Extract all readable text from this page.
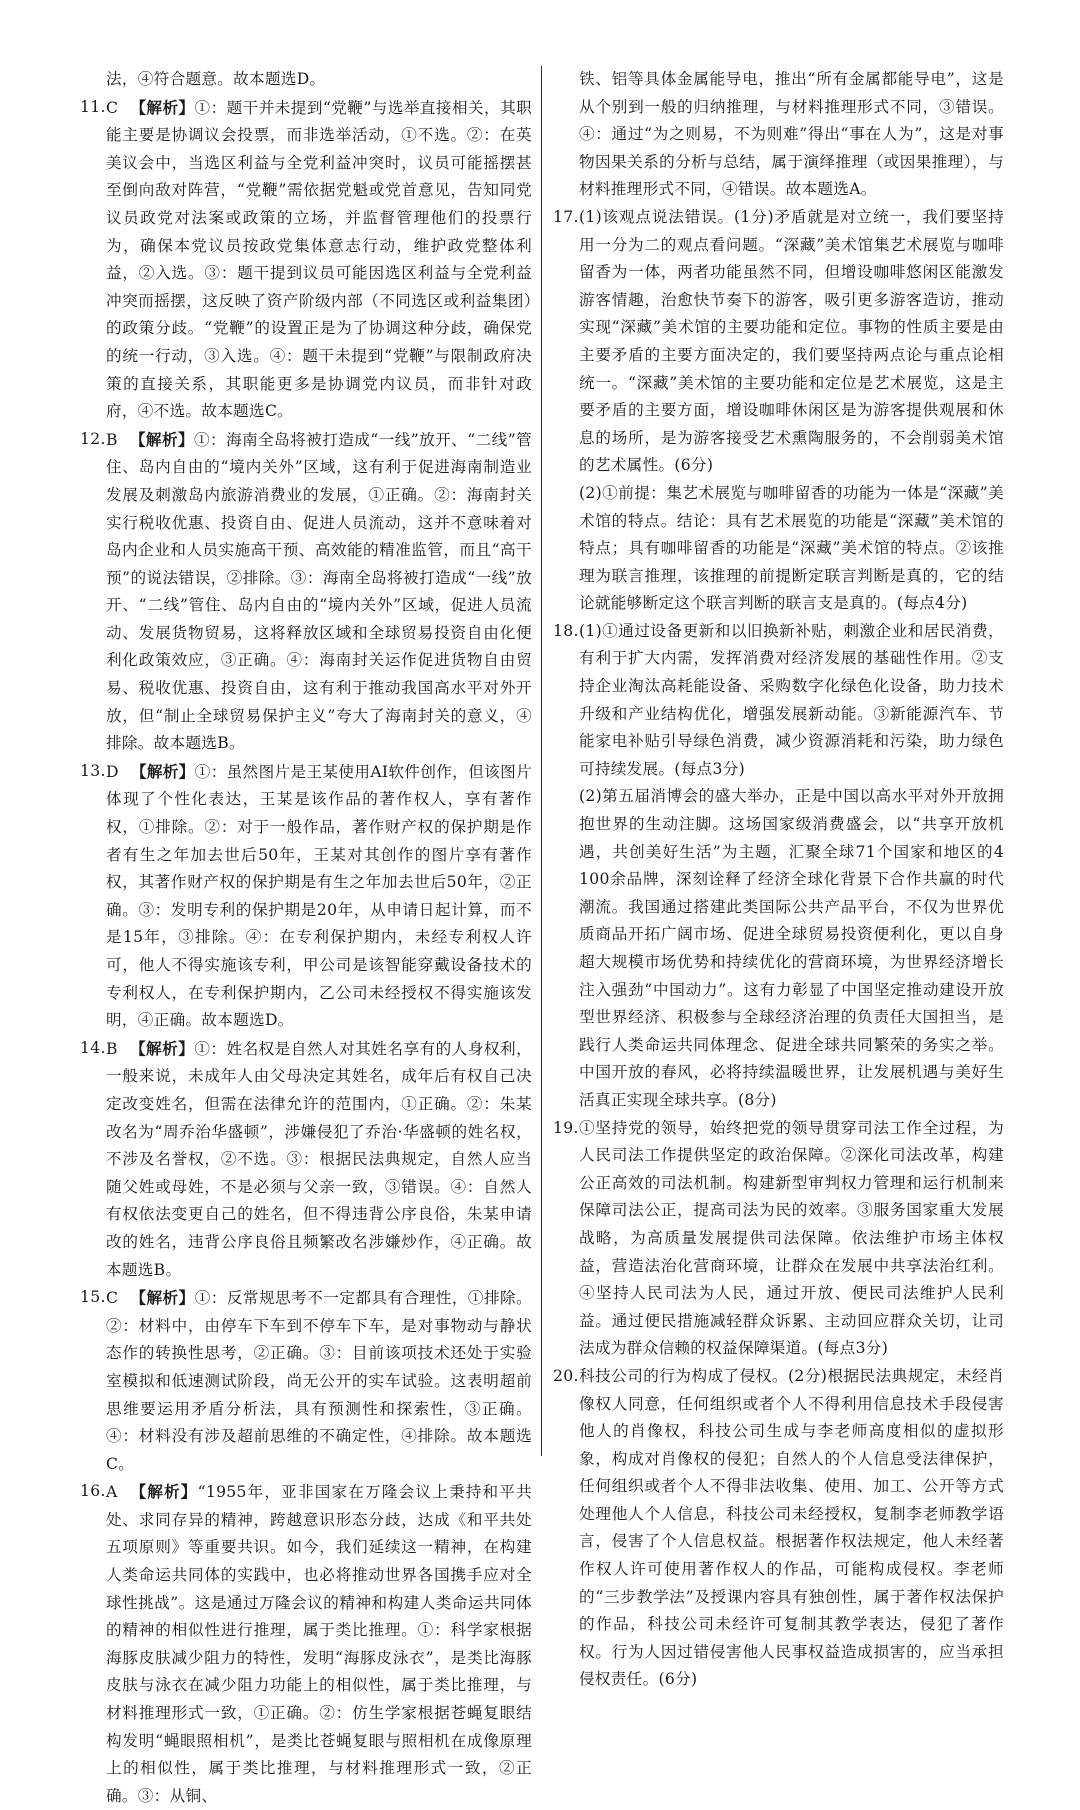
法，④符合题意。故本题选D。

11. C 【解析】①：题干并未提到“党鞭”与选举直接相关，其职能主要是协调议会投票，而非选举活动，①不选。②：在英美议会中，当选区利益与全党利益冲突时，议员可能摇摆甚至倒向敌对阵营，“党鞭”需依据党魁或党首意见，告知同党议员政党对法案或政策的立场，并监督管理他们的投票行为，确保本党议员按政党集体意志行动，维护政党整体利益，②入选。③：题干提到议员可能因选区利益与全党利益冲突而摇摆，这反映了资产阶级内部（不同选区或利益集团）的政策分歧。“党鞭”的设置正是为了协调这种分歧，确保党的统一行动，③入选。④：题干未提到“党鞭”与限制政府决策的直接关系，其职能更多是协调党内议员，而非针对政府，④不选。故本题选C。
12. B 【解析】①：海南全岛将被打造成“一线”放开、“二线”管住、岛内自由的“境内关外”区域，这有利于促进海南制造业发展及刺激岛内旅游消费业的发展，①正确。②：海南封关实行税收优惠、投资自由、促进人员流动，这并不意味着对岛内企业和人员实施高干预、高效能的精准监管，而且“高干预”的说法错误，②排除。③：海南全岛将被打造成“一线”放开、“二线”管住、岛内自由的“境内关外”区域，促进人员流动、发展货物贸易，这将释放区域和全球贸易投资自由化便利化政策效应，③正确。④：海南封关运作促进货物自由贸易、税收优惠、投资自由，这有利于推动我国高水平对外开放，但“制止全球贸易保护主义”夸大了海南封关的意义，④排除。故本题选B。
13. D 【解析】①：虽然图片是王某使用AI软件创作，但该图片体现了个性化表达，王某是该作品的著作权人，享有著作权，①排除。②：对于一般作品，著作财产权的保护期是作者有生之年加去世后50年，王某对其创作的图片享有著作权，其著作财产权的保护期是有生之年加去世后50年，②正确。③：发明专利的保护期是20年，从申请日起计算，而不是15年，③排除。④：在专利保护期内，未经专利权人许可，他人不得实施该专利，甲公司是该智能穿戴设备技术的专利权人，在专利保护期内，乙公司未经授权不得实施该发明，④正确。故本题选D。
14. B 【解析】①：姓名权是自然人对其姓名享有的人身权利，一般来说，未成年人由父母决定其姓名，成年后有权自己决定改变姓名，但需在法律允许的范围内，①正确。②：朱某改名为“周乔治华盛顿”，涉嫌侵犯了乔治·华盛顿的姓名权，不涉及名誉权，②不选。③：根据民法典规定，自然人应当随父姓或母姓，不是必须与父亲一致，③错误。④：自然人有权依法变更自己的姓名，但不得违背公序良俗，朱某申请改的姓名，违背公序良俗且频繁改名涉嫌炒作，④正确。故本题选B。
15. C 【解析】①：反常规思考不一定都具有合理性，①排除。②：材料中，由停车下车到不停车下车，是对事物动与静状态作的转换性思考，②正确。③：目前该项技术还处于实验室模拟和低速测试阶段，尚无公开的实车试验。这表明超前思维要运用矛盾分析法，具有预测性和探索性，③正确。④：材料没有涉及超前思维的不确定性，④排除。故本题选C。
16. A 【解析】“1955年，亚非国家在万隆会议上秉持和平共处、求同存异的精神，跨越意识形态分歧，达成《和平共处五项原则》等重要共识。如今，我们延续这一精神，在构建人类命运共同体的实践中，也必将推动世界各国携手应对全球性挑战”。这是通过万隆会议的精神和构建人类命运共同体的精神的相似性进行推理，属于类比推理。①：科学家根据海豚皮肤减少阻力的特性，发明“海豚皮泳衣”，是类比海豚皮肤与泳衣在减少阻力功能上的相似性，属于类比推理，与材料推理形式一致，①正确。②：仿生学家根据苍蝇复眼结构发明“蝇眼照相机”，是类比苍蝇复眼与照相机在成像原理上的相似性，属于类比推理，与材料推理形式一致，②正确。③：从铜、

铁、铝等具体金属能导电，推出“所有金属都能导电”，这是从个别到一般的归纳推理，与材料推理形式不同，③错误。④：通过“为之则易，不为则难”得出“事在人为”，这是对事物因果关系的分析与总结，属于演绎推理（或因果推理），与材料推理形式不同，④错误。故本题选A。

17. (1)该观点说法错误。(1分)矛盾就是对立统一，我们要坚持用一分为二的观点看问题。“深藏”美术馆集艺术展览与咖啡留香为一体，两者功能虽然不同，但增设咖啡悠闲区能激发游客情趣，治愈快节奏下的游客，吸引更多游客造访，推动实现“深藏”美术馆的主要功能和定位。事物的性质主要是由主要矛盾的主要方面决定的，我们要坚持两点论与重点论相统一。“深藏”美术馆的主要功能和定位是艺术展览，这是主要矛盾的主要方面，增设咖啡休闲区是为游客提供观展和休息的场所，是为游客接受艺术熏陶服务的，不会削弱美术馆的艺术属性。(6分)

(2)①前提：集艺术展览与咖啡留香的功能为一体是“深藏”美术馆的特点。结论：具有艺术展览的功能是“深藏”美术馆的特点；具有咖啡留香的功能是“深藏”美术馆的特点。②该推理为联言推理，该推理的前提断定联言判断是真的，它的结论就能够断定这个联言判断的联言支是真的。(每点4分)

18. (1)①通过设备更新和以旧换新补贴，刺激企业和居民消费，有利于扩大内需，发挥消费对经济发展的基础性作用。②支持企业淘汰高耗能设备、采购数字化绿色化设备，助力技术升级和产业结构优化，增强发展新动能。③新能源汽车、节能家电补贴引导绿色消费，减少资源消耗和污染，助力绿色可持续发展。(每点3分)

(2)第五届消博会的盛大举办，正是中国以高水平对外开放拥抱世界的生动注脚。这场国家级消费盛会，以“共享开放机遇，共创美好生活”为主题，汇聚全球71个国家和地区的4 100余品牌，深刻诠释了经济全球化背景下合作共赢的时代潮流。我国通过搭建此类国际公共产品平台，不仅为世界优质商品开拓广阔市场、促进全球贸易投资便利化，更以自身超大规模市场优势和持续优化的营商环境，为世界经济增长注入强劲“中国动力”。这有力彰显了中国坚定推动建设开放型世界经济、积极参与全球经济治理的负责任大国担当，是践行人类命运共同体理念、促进全球共同繁荣的务实之举。中国开放的春风，必将持续温暖世界，让发展机遇与美好生活真正实现全球共享。(8分)

19. ①坚持党的领导，始终把党的领导贯穿司法工作全过程，为人民司法工作提供坚定的政治保障。②深化司法改革，构建公正高效的司法机制。构建新型审判权力管理和运行机制来保障司法公正，提高司法为民的效率。③服务国家重大发展战略，为高质量发展提供司法保障。依法维护市场主体权益，营造法治化营商环境，让群众在发展中共享法治红利。④坚持人民司法为人民，通过开放、便民司法维护人民利益。通过便民措施减轻群众诉累、主动回应群众关切，让司法成为群众信赖的权益保障渠道。(每点3分)

20. 科技公司的行为构成了侵权。(2分)根据民法典规定，未经肖像权人同意，任何组织或者个人不得利用信息技术手段侵害他人的肖像权，科技公司生成与李老师高度相似的虚拟形象，构成对肖像权的侵犯；自然人的个人信息受法律保护，任何组织或者个人不得非法收集、使用、加工、公开等方式处理他人个人信息，科技公司未经授权，复制李老师教学语言，侵害了个人信息权益。根据著作权法规定，他人未经著作权人许可使用著作权人的作品，可能构成侵权。李老师的“三步教学法”及授课内容具有独创性，属于著作权法保护的作品，科技公司未经许可复制其教学表达，侵犯了著作权。行为人因过错侵害他人民事权益造成损害的，应当承担侵权责任。(6分)
